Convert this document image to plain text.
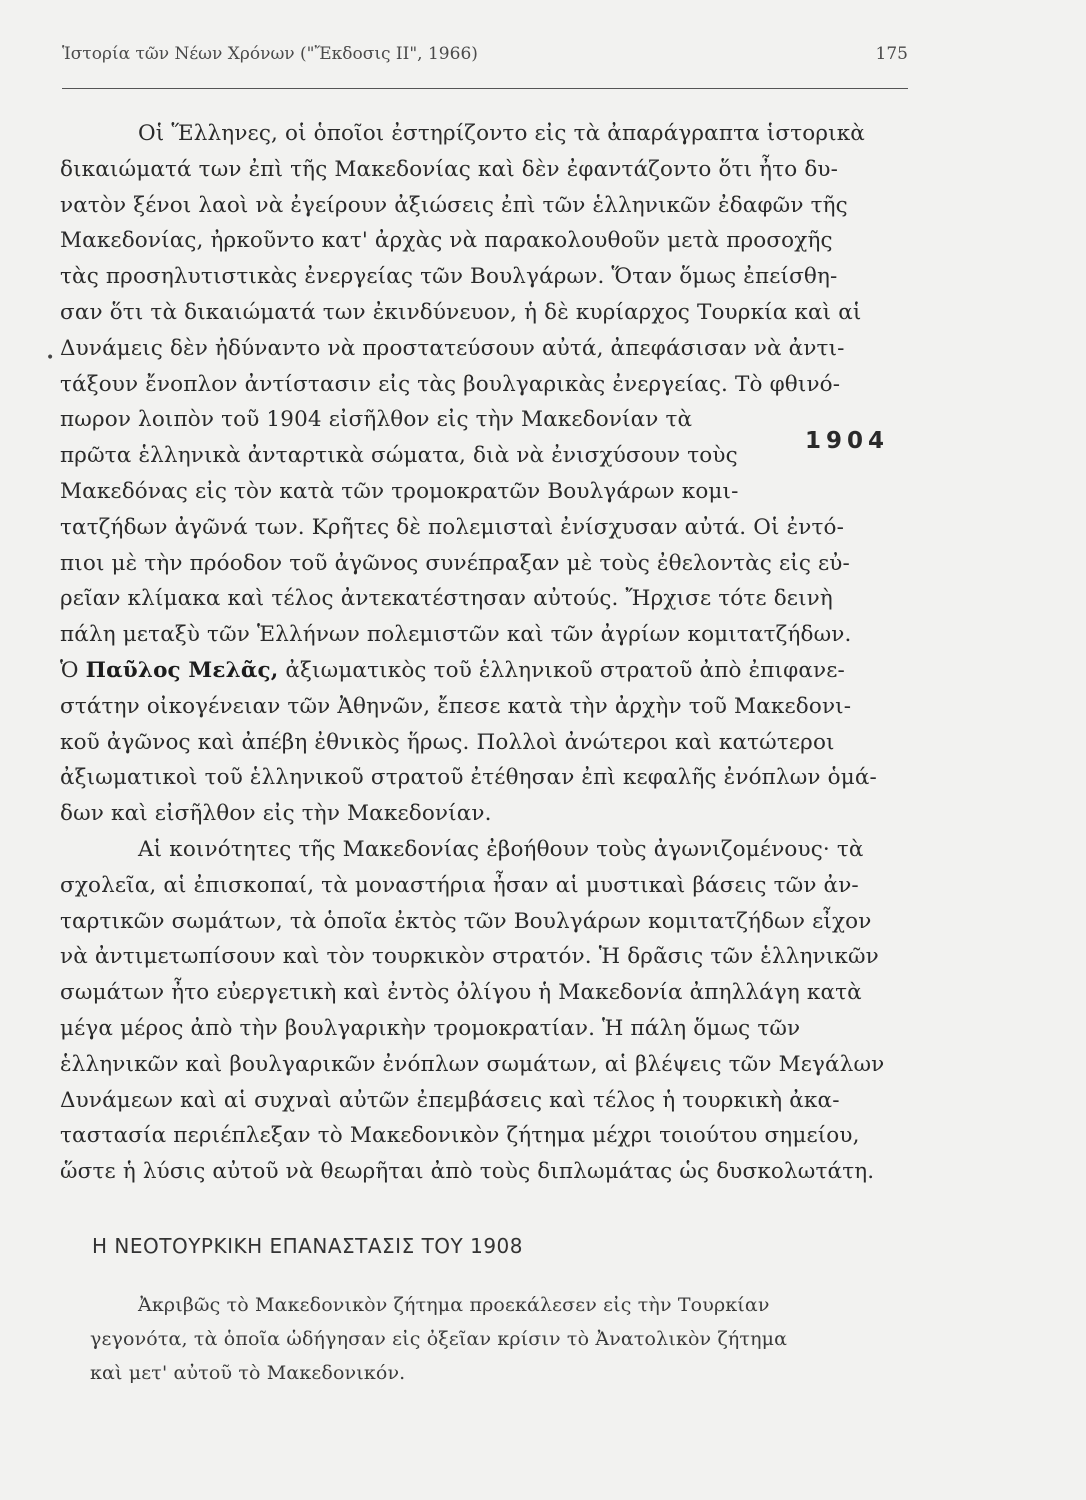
Ἱστορία τῶν Νέων Χρόνων ("Ἔκδοσις ΙΙ", 1966)	175
•
1904
Οἱ Ἕλληνες, οἱ ὁποῖοι ἐστηρίζοντο εἰς τὰ ἀπαράγραπτα ἱστορικὰ
δικαιώματά των ἐπὶ τῆς Μακεδονίας καὶ δὲν ἐφαντάζοντο ὅτι ἦτο δυ-
νατὸν ξένοι λαοὶ νὰ ἐγείρουν ἀξιώσεις ἐπὶ τῶν ἑλληνικῶν ἐδαφῶν τῆς
Μακεδονίας, ἠρκοῦντο κατ' ἀρχὰς νὰ παρακολουθοῦν μετὰ προσοχῆς
τὰς προσηλυτιστικὰς ἐνεργείας τῶν Βουλγάρων. Ὅταν ὅμως ἐπείσθη-
σαν ὅτι τὰ δικαιώματά των ἐκινδύνευον, ἡ δὲ κυρίαρχος Τουρκία καὶ αἱ
Δυνάμεις δὲν ἠδύναντο νὰ προστατεύσουν αὐτά, ἀπεφάσισαν νὰ ἀντι-
τάξουν ἔνοπλον ἀντίστασιν εἰς τὰς βουλγαρικὰς ἐνεργείας. Τὸ φθινό-
πωρον λοιπὸν τοῦ 1904 εἰσῆλθον εἰς τὴν Μακεδονίαν τὰ
πρῶτα ἑλληνικὰ ἀνταρτικὰ σώματα, διὰ νὰ ἐνισχύσουν τοὺς
Μακεδόνας εἰς τὸν κατὰ τῶν τρομοκρατῶν Βουλγάρων κομι-
τατζήδων ἀγῶνά των. Κρῆτες δὲ πολεμισταὶ ἐνίσχυσαν αὐτά. Οἱ ἐντό-
πιοι μὲ τὴν πρόοδον τοῦ ἀγῶνος συνέπραξαν μὲ τοὺς ἐθελοντὰς εἰς εὐ-
ρεῖαν κλίμακα καὶ τέλος ἀντεκατέστησαν αὐτούς. Ἤρχισε τότε δεινὴ
πάλη μεταξὺ τῶν Ἑλλήνων πολεμιστῶν καὶ τῶν ἀγρίων κομιτατζήδων.
Ὁ Παῦλος Μελᾶς, ἀξιωματικὸς τοῦ ἑλληνικοῦ στρατοῦ ἀπὸ ἐπιφανε-
στάτην οἰκογένειαν τῶν Ἀθηνῶν, ἔπεσε κατὰ τὴν ἀρχὴν τοῦ Μακεδονι-
κοῦ ἀγῶνος καὶ ἀπέβη ἐθνικὸς ἥρως. Πολλοὶ ἀνώτεροι καὶ κατώτεροι
ἀξιωματικοὶ τοῦ ἑλληνικοῦ στρατοῦ ἐτέθησαν ἐπὶ κεφαλῆς ἐνόπλων ὁμά-
δων καὶ εἰσῆλθον εἰς τὴν Μακεδονίαν.
Αἱ κοινότητες τῆς Μακεδονίας ἐβοήθουν τοὺς ἀγωνιζομένους· τὰ
σχολεῖα, αἱ ἐπισκοπαί, τὰ μοναστήρια ἦσαν αἱ μυστικαὶ βάσεις τῶν ἀν-
ταρτικῶν σωμάτων, τὰ ὁποῖα ἐκτὸς τῶν Βουλγάρων κομιτατζήδων εἶχον
νὰ ἀντιμετωπίσουν καὶ τὸν τουρκικὸν στρατόν. Ἡ δρᾶσις τῶν ἑλληνικῶν
σωμάτων ἦτο εὐεργετικὴ καὶ ἐντὸς ὀλίγου ἡ Μακεδονία ἀπηλλάγη κατὰ
μέγα μέρος ἀπὸ τὴν βουλγαρικὴν τρομοκρατίαν. Ἡ πάλη ὅμως τῶν
ἑλληνικῶν καὶ βουλγαρικῶν ἐνόπλων σωμάτων, αἱ βλέψεις τῶν Μεγάλων
Δυνάμεων καὶ αἱ συχναὶ αὐτῶν ἐπεμβάσεις καὶ τέλος ἡ τουρκικὴ ἀκα-
ταστασία περιέπλεξαν τὸ Μακεδονικὸν ζήτημα μέχρι τοιούτου σημείου,
ὥστε ἡ λύσις αὐτοῦ νὰ θεωρῆται ἀπὸ τοὺς διπλωμάτας ὡς δυσκολωτάτη.
Η ΝΕΟΤΟΥΡΚΙΚΗ ΕΠΑΝΑΣΤΑΣΙΣ ΤΟΥ 1908
Ἀκριβῶς τὸ Μακεδονικὸν ζήτημα προεκάλεσεν εἰς τὴν Τουρκίαν
γεγονότα, τὰ ὁποῖα ὡδήγησαν εἰς ὀξεῖαν κρίσιν τὸ Ἀνατολικὸν ζήτημα
καὶ μετ' αὐτοῦ τὸ Μακεδονικόν.
